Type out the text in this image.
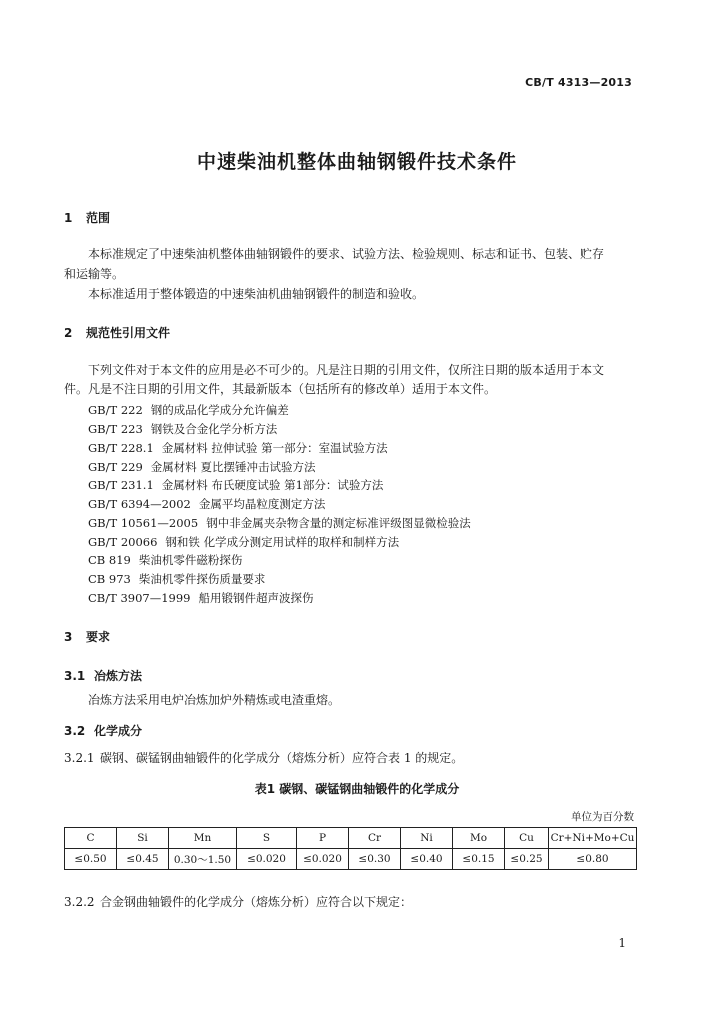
CB/T 4313—2013
中速柴油机整体曲轴钢锻件技术条件
1 范围
本标准规定了中速柴油机整体曲轴钢锻件的要求、试验方法、检验规则、标志和证书、包装、贮存
和运输等。
本标准适用于整体锻造的中速柴油机曲轴钢锻件的制造和验收。
2 规范性引用文件
下列文件对于本文件的应用是必不可少的。凡是注日期的引用文件，仅所注日期的版本适用于本文
件。凡是不注日期的引用文件，其最新版本（包括所有的修改单）适用于本文件。
GB/T 222 钢的成品化学成分允许偏差
GB/T 223 钢铁及合金化学分析方法
GB/T 228.1 金属材料 拉伸试验 第一部分：室温试验方法
GB/T 229 金属材料 夏比摆锤冲击试验方法
GB/T 231.1 金属材料 布氏硬度试验 第1部分：试验方法
GB/T 6394—2002 金属平均晶粒度测定方法
GB/T 10561—2005 钢中非金属夹杂物含量的测定标准评级图显微检验法
GB/T 20066 钢和铁 化学成分测定用试样的取样和制样方法
CB 819 柴油机零件磁粉探伤
CB 973 柴油机零件探伤质量要求
CB/T 3907—1999 船用锻钢件超声波探伤
3 要求
3.1 冶炼方法
冶炼方法采用电炉冶炼加炉外精炼或电渣重熔。
3.2 化学成分
3.2.1 碳钢、碳锰钢曲轴锻件的化学成分（熔炼分析）应符合表 1 的规定。
表1 碳钢、碳锰钢曲轴锻件的化学成分
单位为百分数
C	Si	Mn	S	P	Cr	Ni	Mo	Cu	Cr+Ni+Mo+Cu
≤0.50	≤0.45	0.30～1.50	≤0.020	≤0.020	≤0.30	≤0.40	≤0.15	≤0.25	≤0.80
3.2.2 合金钢曲轴锻件的化学成分（熔炼分析）应符合以下规定：
1
